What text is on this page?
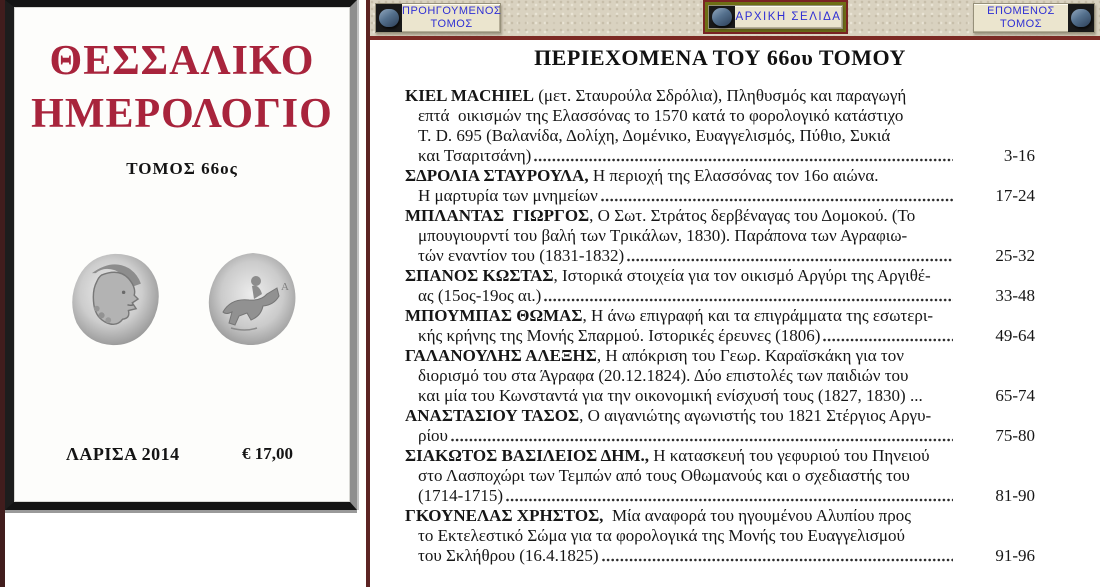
ΘΕΣΣΑΛΙΚΟ
ΗΜΕΡΟΛΟΓΙΟ
ΤΟΜΟΣ 66ος
Α
ΛΑΡΙΣΑ 2014	€ 17,00
ΠΡΟΗΓΟΥΜΕΝΟΣ
ΤΟΜΟΣ
ΑΡΧΙΚΗ ΣΕΛΙΔΑ	ΕΠΟΜΕΝΟΣ
ΤΟΜΟΣ
ΠΕΡΙΕΧΟΜΕΝΑ ΤΟΥ 66ου ΤΟΜΟΥ
KIEL MACHIEL (μετ. Σταυρούλα Σδρόλια), Πληθυσμός και παραγωγή
επτά  οικισμών της Ελασσόνας το 1570 κατά το φορολογικό κατάστιχο
T. D. 695 (Βαλανίδα, Δολίχη, Δομένικο, Ευαγγελισμός, Πύθιο, Συκιά
και Τσαριτσάνη)	3-16
ΣΔΡΟΛΙΑ ΣΤΑΥΡΟΥΛΑ, Η περιοχή της Ελασσόνας τον 16ο αιώνα.
Η μαρτυρία των μνημείων	17-24
ΜΠΛΑΝΤΑΣ  ΓΙΩΡΓΟΣ, Ο Σωτ. Στράτος δερβέναγας του Δομοκού. (Το
μπουγιουρντί του βαλή των Τρικάλων, 1830). Παράπονα των Αγραφιω-
τών εναντίον του (1831-1832)	25-32
ΣΠΑΝΟΣ ΚΩΣΤΑΣ, Ιστορικά στοιχεία για τον οικισμό Αργύρι της Αργιθέ-
ας (15ος-19ος αι.)	33-48
ΜΠΟΥΜΠΑΣ ΘΩΜΑΣ, Η άνω επιγραφή και τα επιγράμματα της εσωτερι-
κής κρήνης της Μονής Σπαρμού. Ιστορικές έρευνες (1806)	49-64
ΓΑΛΑΝΟΥΛΗΣ ΑΛΕΞΗΣ, Η απόκριση του Γεωρ. Καραϊσκάκη για τον
διορισμό του στα Άγραφα (20.12.1824). Δύο επιστολές των παιδιών του
και μία του Κωνσταντά για την οικονομική ενίσχυσή τους (1827, 1830) ...	65-74
ΑΝΑΣΤΑΣΙΟΥ ΤΑΣΟΣ, Ο αιγανιώτης αγωνιστής του 1821 Στέργιος Αργυ-
ρίου	75-80
ΣΙΑΚΩΤΟΣ ΒΑΣΙΛΕΙΟΣ ΔΗΜ., Η κατασκευή του γεφυριού του Πηνειού
στο Λασποχώρι των Τεμπών από τους Οθωμανούς και ο σχεδιαστής του
(1714-1715)	81-90
ΓΚΟΥΝΕΛΑΣ ΧΡΗΣΤΟΣ,  Μία αναφορά του ηγουμένου Αλυπίου προς
το Εκτελεστικό Σώμα για τα φορολογικά της Μονής του Ευαγγελισμού
του Σκλήθρου (16.4.1825)	91-96
